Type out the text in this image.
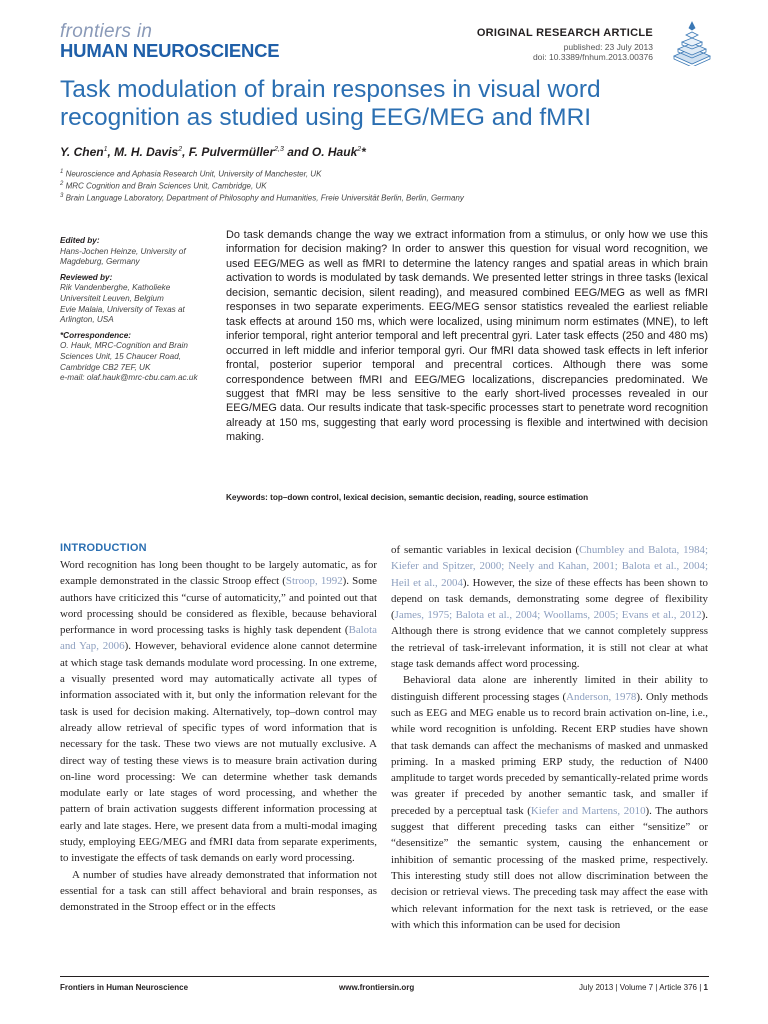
frontiers in
HUMAN NEUROSCIENCE
ORIGINAL RESEARCH ARTICLE
published: 23 July 2013
doi: 10.3389/fnhum.2013.00376
Task modulation of brain responses in visual word recognition as studied using EEG/MEG and fMRI
Y. Chen$^1$, M. H. Davis$^2$, F. Pulvermüller$^{2,3}$ and O. Hauk$^2$*
$^1$ Neuroscience and Aphasia Research Unit, University of Manchester, UK
$^2$ MRC Cognition and Brain Sciences Unit, Cambridge, UK
$^3$ Brain Language Laboratory, Department of Philosophy and Humanities, Freie Universität Berlin, Berlin, Germany
Edited by:
Hans-Jochen Heinze, University of Magdeburg, Germany
Reviewed by:
Rik Vandenberghe, Katholieke Universiteit Leuven, Belgium
Evie Malaia, University of Texas at Arlington, USA
*Correspondence:
O. Hauk, MRC-Cognition and Brain Sciences Unit, 15 Chaucer Road, Cambridge CB2 7EF, UK
e-mail: olaf.hauk@mrc-cbu.cam.ac.uk
Do task demands change the way we extract information from a stimulus, or only how we use this information for decision making? In order to answer this question for visual word recognition, we used EEG/MEG as well as fMRI to determine the latency ranges and spatial areas in which brain activation to words is modulated by task demands. We presented letter strings in three tasks (lexical decision, semantic decision, silent reading), and measured combined EEG/MEG as well as fMRI responses in two separate experiments. EEG/MEG sensor statistics revealed the earliest reliable task effects at around 150 ms, which were localized, using minimum norm estimates (MNE), to left inferior temporal, right anterior temporal and left precentral gyri. Later task effects (250 and 480 ms) occurred in left middle and inferior temporal gyri. Our fMRI data showed task effects in left inferior frontal, posterior superior temporal and precentral cortices. Although there was some correspondence between fMRI and EEG/MEG localizations, discrepancies predominated. We suggest that fMRI may be less sensitive to the early short-lived processes revealed in our EEG/MEG data. Our results indicate that task-specific processes start to penetrate word recognition already at 150 ms, suggesting that early word processing is flexible and intertwined with decision making.
Keywords: top–down control, lexical decision, semantic decision, reading, source estimation
INTRODUCTION

Word recognition has long been thought to be largely automatic, as for example demonstrated in the classic Stroop effect (Stroop, 1992). Some authors have criticized this “curse of automaticity,” and pointed out that word processing should be considered as flexible, because behavioral performance in word processing tasks is highly task dependent (Balota and Yap, 2006). However, behavioral evidence alone cannot determine at which stage task demands modulate word processing. In one extreme, a visually presented word may automatically activate all types of information associated with it, but only the information relevant for the task is used for decision making. Alternatively, top–down control may already allow retrieval of specific types of word information that is necessary for the task. These two views are not mutually exclusive. A direct way of testing these views is to measure brain activation during on-line word processing: We can determine whether task demands modulate early or late stages of word processing, and whether the pattern of brain activation suggests different information processing at early and late stages. Here, we present data from a multi-modal imaging study, employing EEG/MEG and fMRI data from separate experiments, to investigate the effects of task demands on early word processing.

A number of studies have already demonstrated that information not essential for a task can still affect behavioral and brain responses, as demonstrated in the Stroop effect or in the effects

of semantic variables in lexical decision (Chumbley and Balota, 1984; Kiefer and Spitzer, 2000; Neely and Kahan, 2001; Balota et al., 2004; Heil et al., 2004). However, the size of these effects has been shown to depend on task demands, demonstrating some degree of flexibility (James, 1975; Balota et al., 2004; Woollams, 2005; Evans et al., 2012). Although there is strong evidence that we cannot completely suppress the retrieval of task-irrelevant information, it is still not clear at what stage task demands affect word processing.

Behavioral data alone are inherently limited in their ability to distinguish different processing stages (Anderson, 1978). Only methods such as EEG and MEG enable us to record brain activation on-line, i.e., while word recognition is unfolding. Recent ERP studies have shown that task demands can affect the mechanisms of masked and unmasked priming. In a masked priming ERP study, the reduction of N400 amplitude to target words preceded by semantically-related prime words was greater if preceded by another semantic task, and smaller if preceded by a perceptual task (Kiefer and Martens, 2010). The authors suggest that different preceding tasks can either “sensitize” or “desensitize” the semantic system, causing the enhancement or inhibition of semantic processing of the masked prime, respectively. This interesting study still does not allow discrimination between the decision or retrieval views. The preceding task may affect the ease with which relevant information for the next task is retrieved, or the ease with which this information can be used for decision

Frontiers in Human Neuroscience	www.frontiersin.org	July 2013 | Volume 7 | Article 376 | 1
